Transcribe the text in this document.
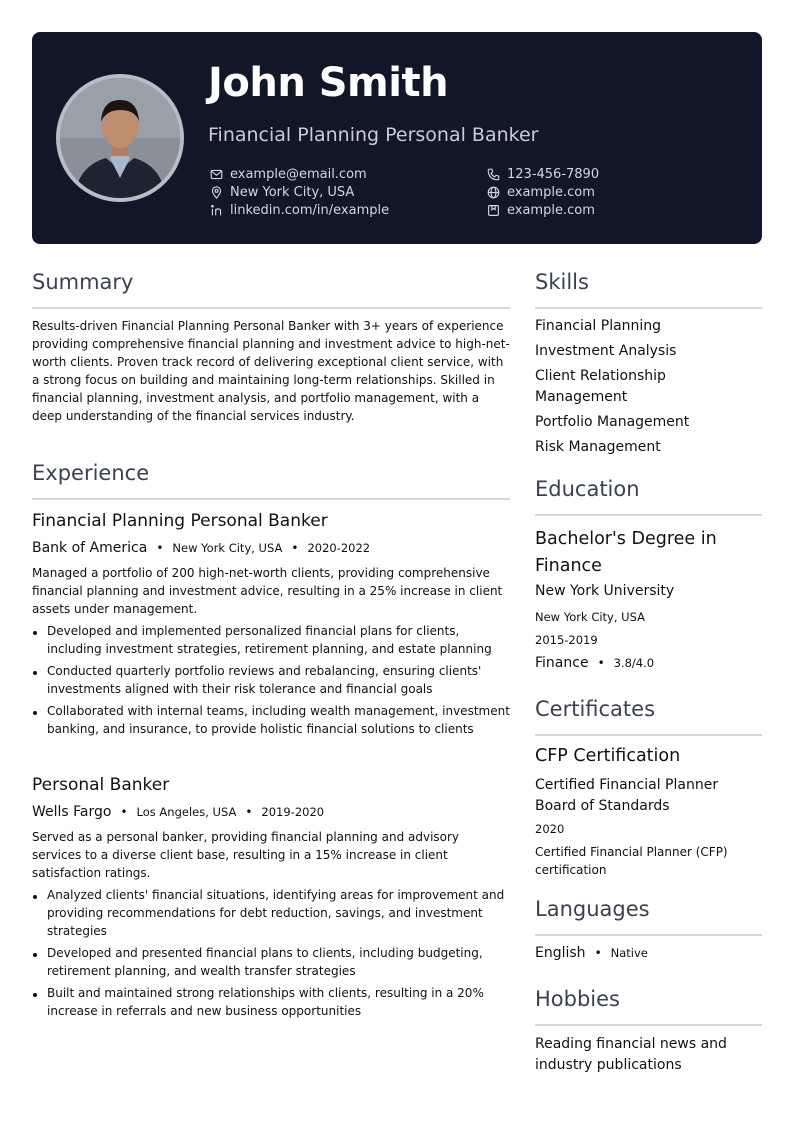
John Smith
Financial Planning Personal Banker
example@email.com
New York City, USA
linkedin.com/in/example
123-456-7890
example.com
example.com
Summary

Results-driven Financial Planning Personal Banker with 3+ years of experience providing comprehensive financial planning and investment advice to high-net-worth clients. Proven track record of delivering exceptional client service, with a strong focus on building and maintaining long-term relationships. Skilled in financial planning, investment analysis, and portfolio management, with a deep understanding of the financial services industry.

Experience
Financial Planning Personal Banker
Bank of America • New York City, USA • 2020-2022

Managed a portfolio of 200 high-net-worth clients, providing comprehensive financial planning and investment advice, resulting in a 25% increase in client assets under management.

Developed and implemented personalized financial plans for clients, including investment strategies, retirement planning, and estate planning
Conducted quarterly portfolio reviews and rebalancing, ensuring clients' investments aligned with their risk tolerance and financial goals
Collaborated with internal teams, including wealth management, investment banking, and insurance, to provide holistic financial solutions to clients
Personal Banker
Wells Fargo • Los Angeles, USA • 2019-2020

Served as a personal banker, providing financial planning and advisory services to a diverse client base, resulting in a 15% increase in client satisfaction ratings.

Analyzed clients' financial situations, identifying areas for improvement and providing recommendations for debt reduction, savings, and investment strategies
Developed and presented financial plans to clients, including budgeting, retirement planning, and wealth transfer strategies
Built and maintained strong relationships with clients, resulting in a 20% increase in referrals and new business opportunities
Skills
Financial Planning
Investment Analysis
Client Relationship Management
Portfolio Management
Risk Management
Education
Bachelor's Degree in Finance
New York University
New York City, USA
2015-2019
Finance • 3.8/4.0
Certificates
CFP Certification
Certified Financial Planner Board of Standards
2020
Certified Financial Planner (CFP) certification
Languages
English • Native
Hobbies
Reading financial news and industry publications
